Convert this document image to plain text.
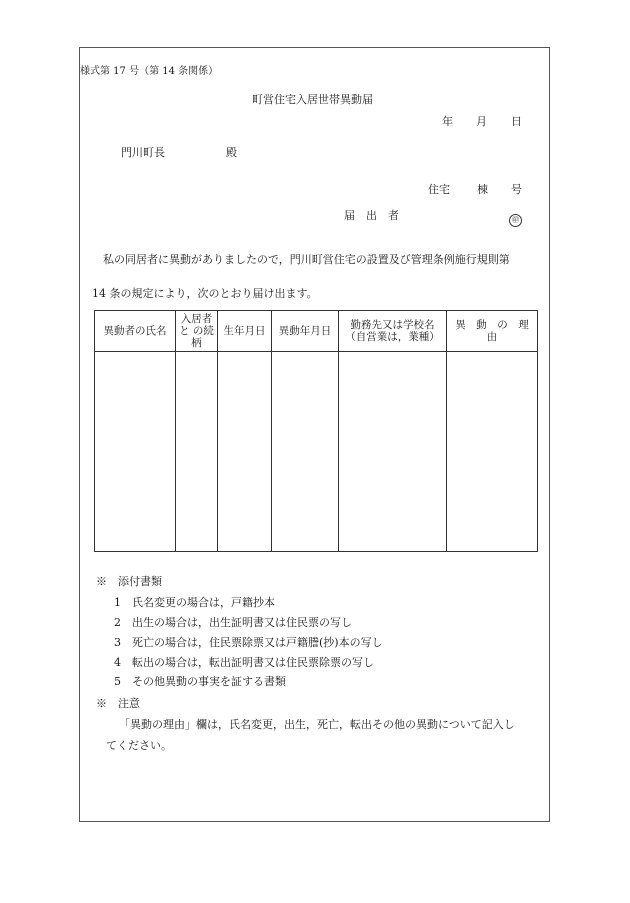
様式第 17 号（第 14 条関係）
町営住宅入居世帯異動届
年 月 日
門川町長	殿
住宅 棟 号
届　出　者	㊞
　私の同居者に異動がありましたので，門川町営住宅の設置及び管理条例施行規則第
14 条の規定により，次のとおり届け出ます。
異動者の氏名	入居者と の続　柄	生年月日	異動年月日	勤務先又は学校名（自営業は，業種）	異　動　の　理　由

※　添付書類
1　氏名変更の場合は，戸籍抄本
2　出生の場合は，出生証明書又は住民票の写し
3　死亡の場合は，住民票除票又は戸籍謄(抄)本の写し
4　転出の場合は，転出証明書又は住民票除票の写し
5　その他異動の事実を証する書類
※　注意
「異動の理由」欄は，氏名変更，出生，死亡，転出その他の異動について記入し
てください。
